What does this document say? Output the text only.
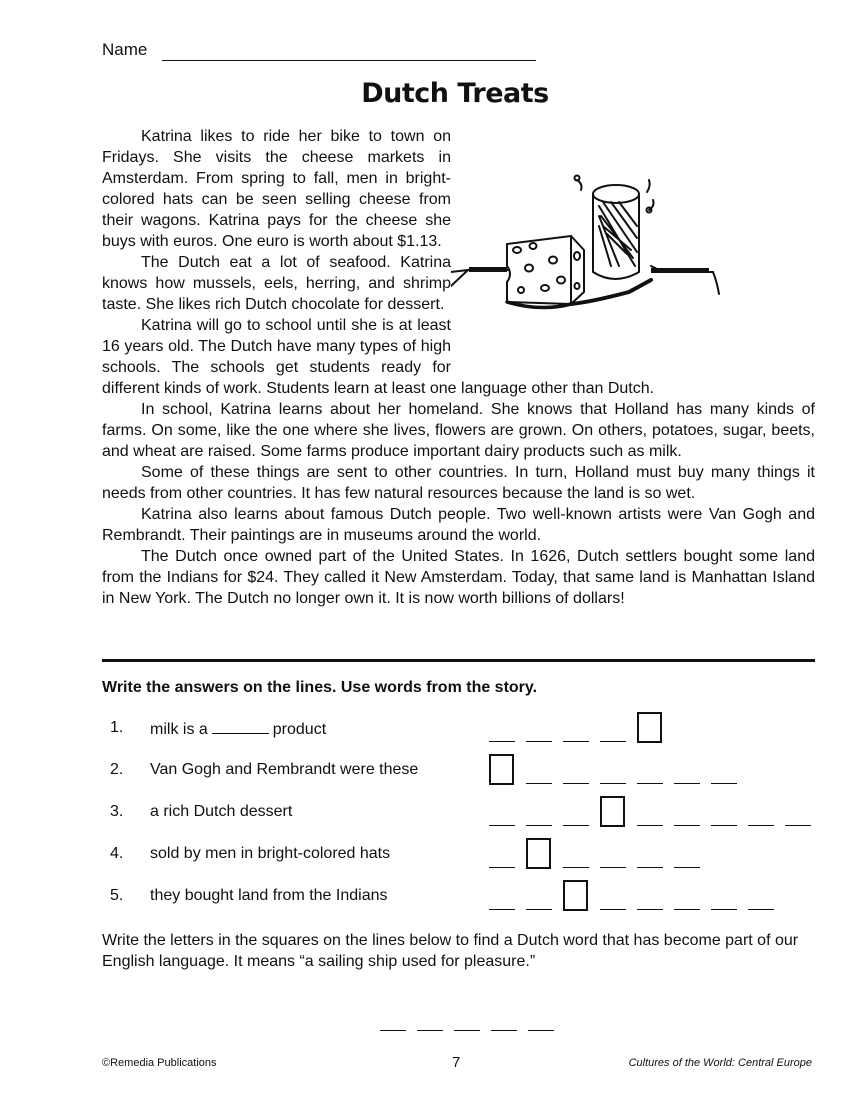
Name
Dutch Treats

Katrina likes to ride her bike to town on Fridays. She visits the cheese markets in Amsterdam. From spring to fall, men in bright-colored hats can be seen selling cheese from their wagons. Katrina pays for the cheese she buys with euros. One euro is worth about $1.13.

The Dutch eat a lot of seafood. Katrina knows how mussels, eels, herring, and shrimp taste. She likes rich Dutch chocolate for dessert.

Katrina will go to school until she is at least 16 years old. The Dutch have many types of high schools. The schools get students ready for different kinds of work. Students learn at least one language other than Dutch.

In school, Katrina learns about her homeland. She knows that Holland has many kinds of farms. On some, like the one where she lives, flowers are grown. On others, potatoes, sugar, beets, and wheat are raised. Some farms produce important dairy products such as milk.

Some of these things are sent to other countries. In turn, Holland must buy many things it needs from other countries. It has few natural resources because the land is so wet.

Katrina also learns about famous Dutch people. Two well-known artists were Van Gogh and Rembrandt. Their paintings are in museums around the world.

The Dutch once owned part of the United States. In 1626, Dutch settlers bought some land from the Indians for $24. They called it New Amsterdam. Today, that same land is Manhattan Island in New York. The Dutch no longer own it. It is now worth billions of dollars!

Write the answers on the lines. Use words from the story.
1.	milk is a	product
2.	Van Gogh and Rembrandt were these
3.	a rich Dutch dessert
4.	sold by men in bright-colored hats
5.	they bought land from the Indians
Write the letters in the squares on the lines below to find a Dutch word that has become part of our English language. It means “a sailing ship used for pleasure.”
©Remedia Publications	7	Cultures of the World: Central Europe
